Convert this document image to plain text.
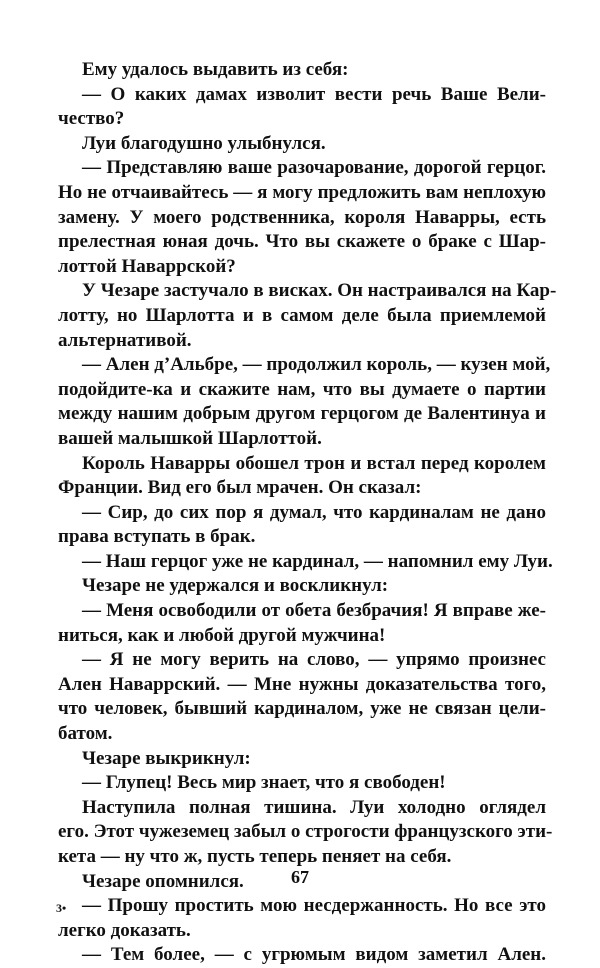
Ему удалось выдавить из себя:
— О каких дамах изволит вести речь Ваше Вели-
чество?
Луи благодушно улыбнулся.
— Представляю ваше разочарование, дорогой герцог.
Но не отчаивайтесь — я могу предложить вам неплохую
замену. У моего родственника, короля Наварры, есть
прелестная юная дочь. Что вы скажете о браке с Шар-
лоттой Наваррской?
У Чезаре застучало в висках. Он настраивался на Кар-
лотту, но Шарлотта и в самом деле была приемлемой
альтернативой.
— Ален д’Альбре, — продолжил король, — кузен мой,
подойдите-ка и скажите нам, что вы думаете о партии
между нашим добрым другом герцогом де Валентинуа и
вашей малышкой Шарлоттой.
Король Наварры обошел трон и встал перед королем
Франции. Вид его был мрачен. Он сказал:
— Сир, до сих пор я думал, что кардиналам не дано
права вступать в брак.
— Наш герцог уже не кардинал, — напомнил ему Луи.
Чезаре не удержался и воскликнул:
— Меня освободили от обета безбрачия! Я вправе же-
ниться, как и любой другой мужчина!
— Я не могу верить на слово, — упрямо произнес
Ален Наваррский. — Мне нужны доказательства того,
что человек, бывший кардиналом, уже не связан цели-
батом.
Чезаре выкрикнул:
— Глупец! Весь мир знает, что я свободен!
Наступила полная тишина. Луи холодно оглядел
его. Этот чужеземец забыл о строгости французского эти-
кета — ну что ж, пусть теперь пеняет на себя.
Чезаре опомнился.
— Прошу простить мою несдержанность. Но все это
легко доказать.
— Тем более, — с угрюмым видом заметил Ален.
67
3•
